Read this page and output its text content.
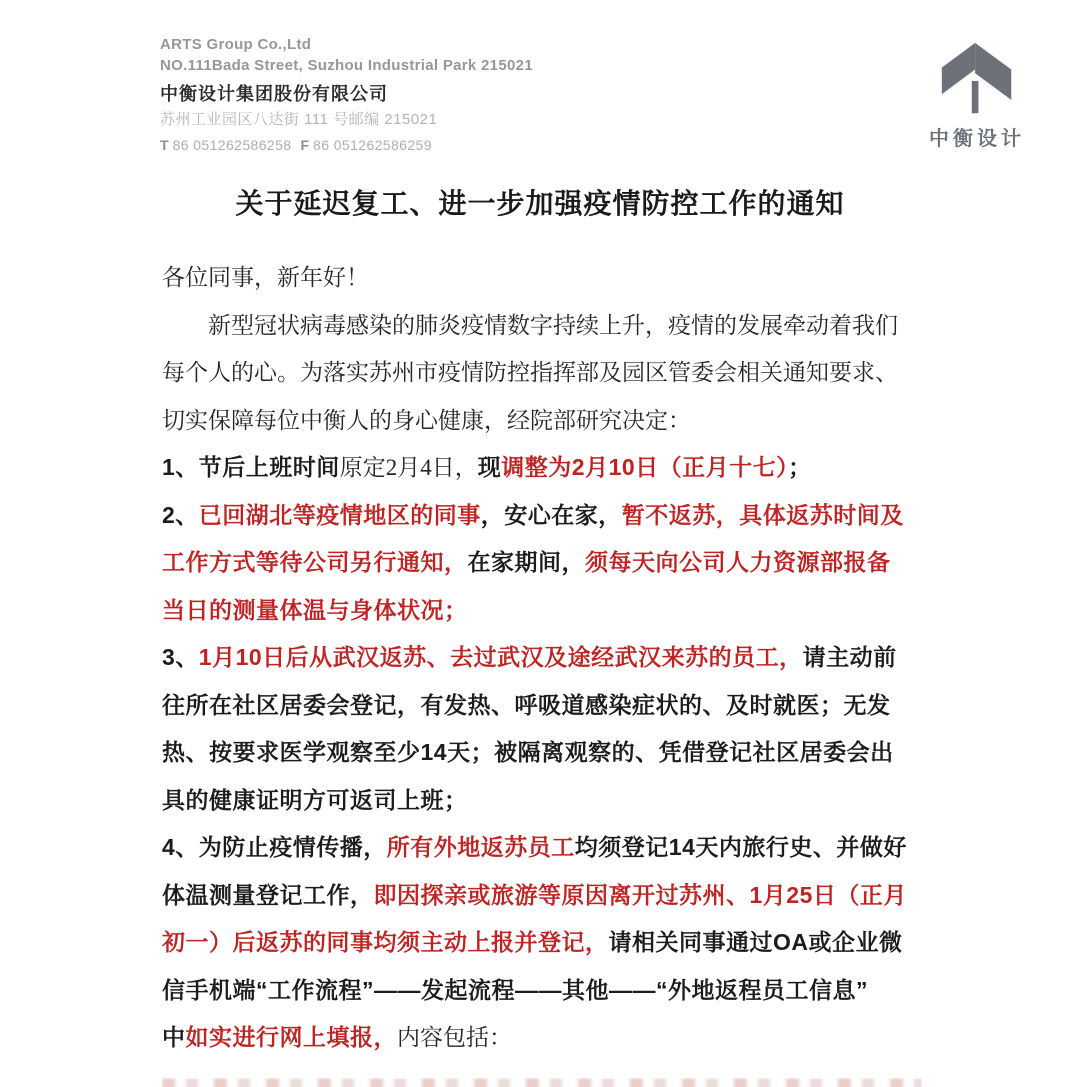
ARTS Group Co.,Ltd
NO.111Bada Street, Suzhou Industrial Park 215021
中衡设计集团股份有限公司
苏州工业园区八达街 111 号邮编 215021
T 86 051262586258 F 86 051262586259	中衡设计
关于延迟复工、进一步加强疫情防控工作的通知
各位同事，新年好！
新型冠状病毒感染的肺炎疫情数字持续上升，疫情的发展牵动着我们
每个人的心。为落实苏州市疫情防控指挥部及园区管委会相关通知要求、
切实保障每位中衡人的身心健康，经院部研究决定：
1、节后上班时间原定2月4日，现调整为2月10日（正月十七）；
2、已回湖北等疫情地区的同事，安心在家，暂不返苏，具体返苏时间及
工作方式等待公司另行通知，在家期间，须每天向公司人力资源部报备
当日的测量体温与身体状况；
3、1月10日后从武汉返苏、去过武汉及途经武汉来苏的员工，请主动前
往所在社区居委会登记，有发热、呼吸道感染症状的、及时就医；无发
热、按要求医学观察至少14天；被隔离观察的、凭借登记社区居委会出
具的健康证明方可返司上班；
4、为防止疫情传播，所有外地返苏员工均须登记14天内旅行史、并做好
体温测量登记工作，即因探亲或旅游等原因离开过苏州、1月25日（正月
初一）后返苏的同事均须主动上报并登记，请相关同事通过OA或企业微
信手机端“工作流程”——发起流程——其他——“外地返程员工信息”
中如实进行网上填报，内容包括：
